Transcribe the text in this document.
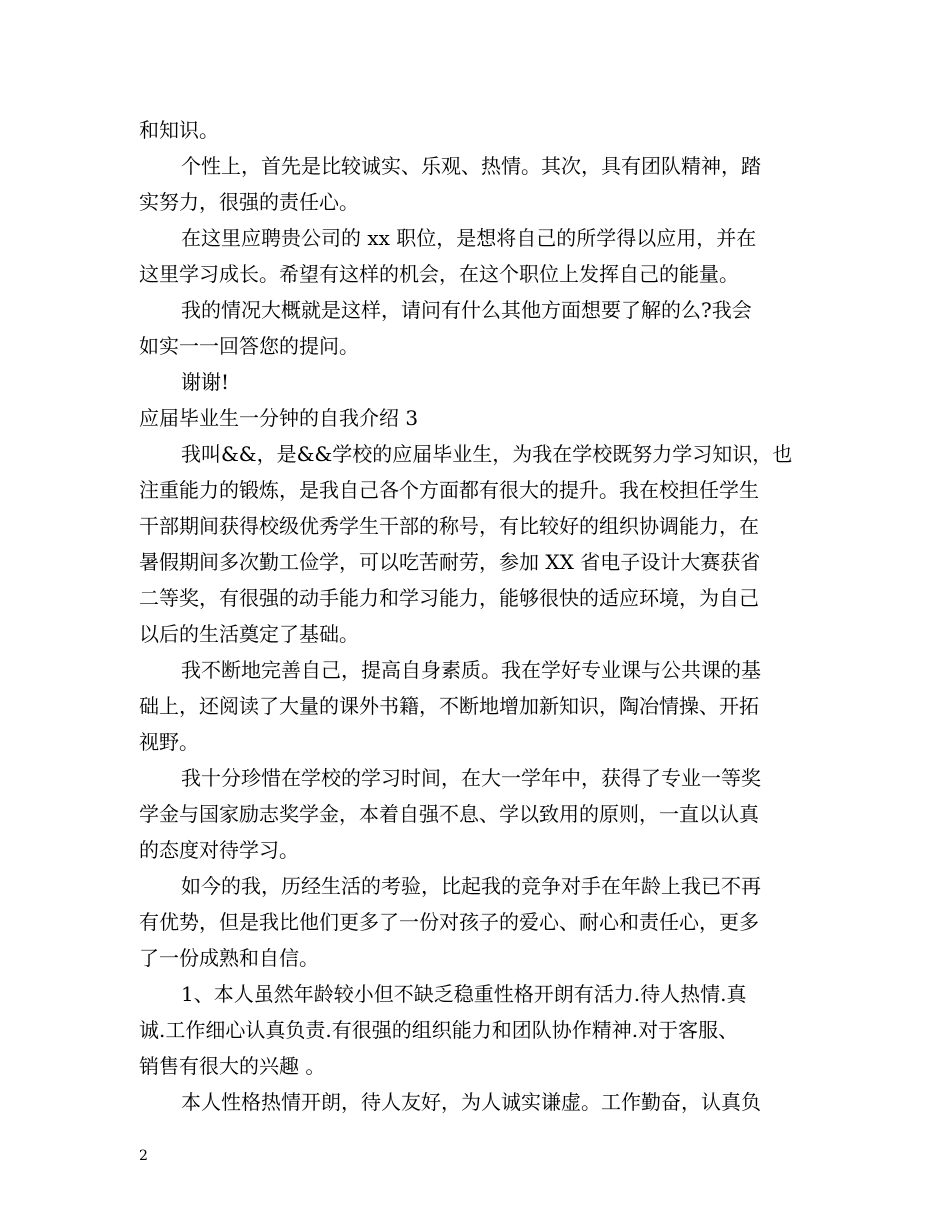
和知识。
个性上，首先是比较诚实、乐观、热情。其次，具有团队精神，踏
实努力，很强的责任心。
在这里应聘贵公司的 xx 职位，是想将自己的所学得以应用，并在
这里学习成长。希望有这样的机会，在这个职位上发挥自己的能量。
我的情况大概就是这样，请问有什么其他方面想要了解的么?我会
如实一一回答您的提问。
谢谢!
应届毕业生一分钟的自我介绍 3
我叫&&，是&&学校的应届毕业生，为我在学校既努力学习知识，也
注重能力的锻炼，是我自己各个方面都有很大的提升。我在校担任学生
干部期间获得校级优秀学生干部的称号，有比较好的组织协调能力，在
暑假期间多次勤工俭学，可以吃苦耐劳，参加 XX 省电子设计大赛获省
二等奖，有很强的动手能力和学习能力，能够很快的适应环境，为自己
以后的生活奠定了基础。
我不断地完善自己，提高自身素质。我在学好专业课与公共课的基
础上，还阅读了大量的课外书籍，不断地增加新知识，陶冶情操、开拓
视野。
我十分珍惜在学校的学习时间，在大一学年中，获得了专业一等奖
学金与国家励志奖学金，本着自强不息、学以致用的原则，一直以认真
的态度对待学习。
如今的我，历经生活的考验，比起我的竞争对手在年龄上我已不再
有优势，但是我比他们更多了一份对孩子的爱心、耐心和责任心，更多
了一份成熟和自信。
1、本人虽然年龄较小但不缺乏稳重性格开朗有活力.待人热情.真
诚.工作细心认真负责.有很强的组织能力和团队协作精神.对于客服、
销售有很大的兴趣 。
本人性格热情开朗，待人友好，为人诚实谦虚。工作勤奋，认真负
2
